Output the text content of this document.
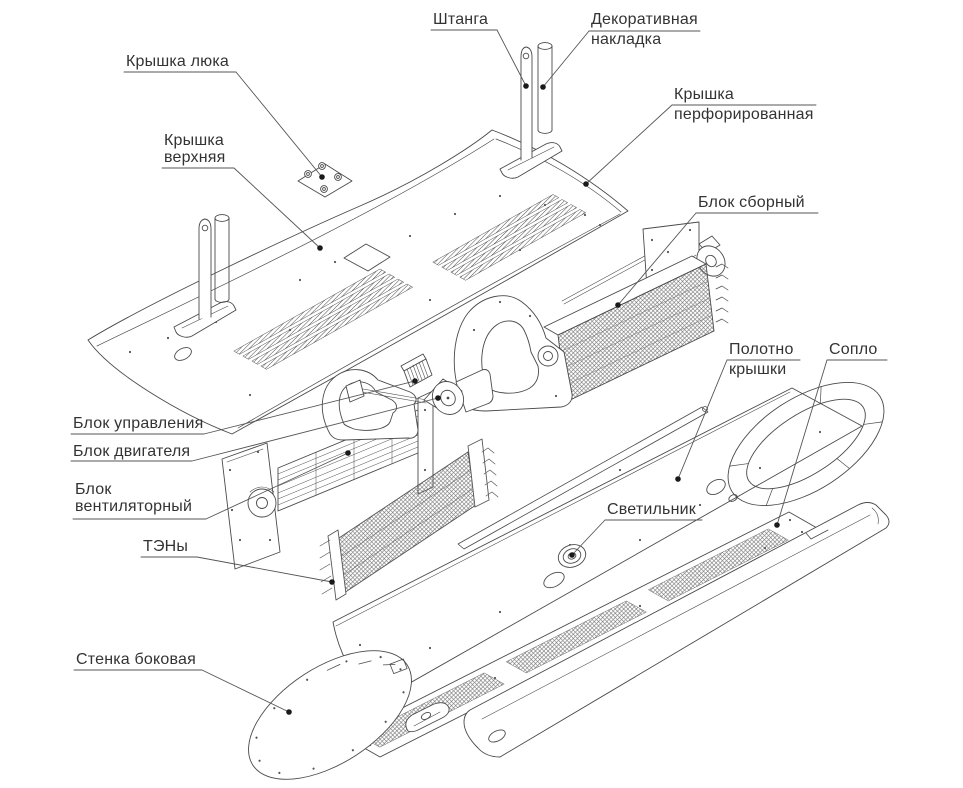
Крышка люка
Крышка
верхняя
Штанга	Декоративная
накладка
Крышка
перфорированная
Блок сборный
Полотно
крышки
Сопло
Светильник
Блок управления
Блок двигателя
Блок
вентиляторный
ТЭНы
Стенка боковая
